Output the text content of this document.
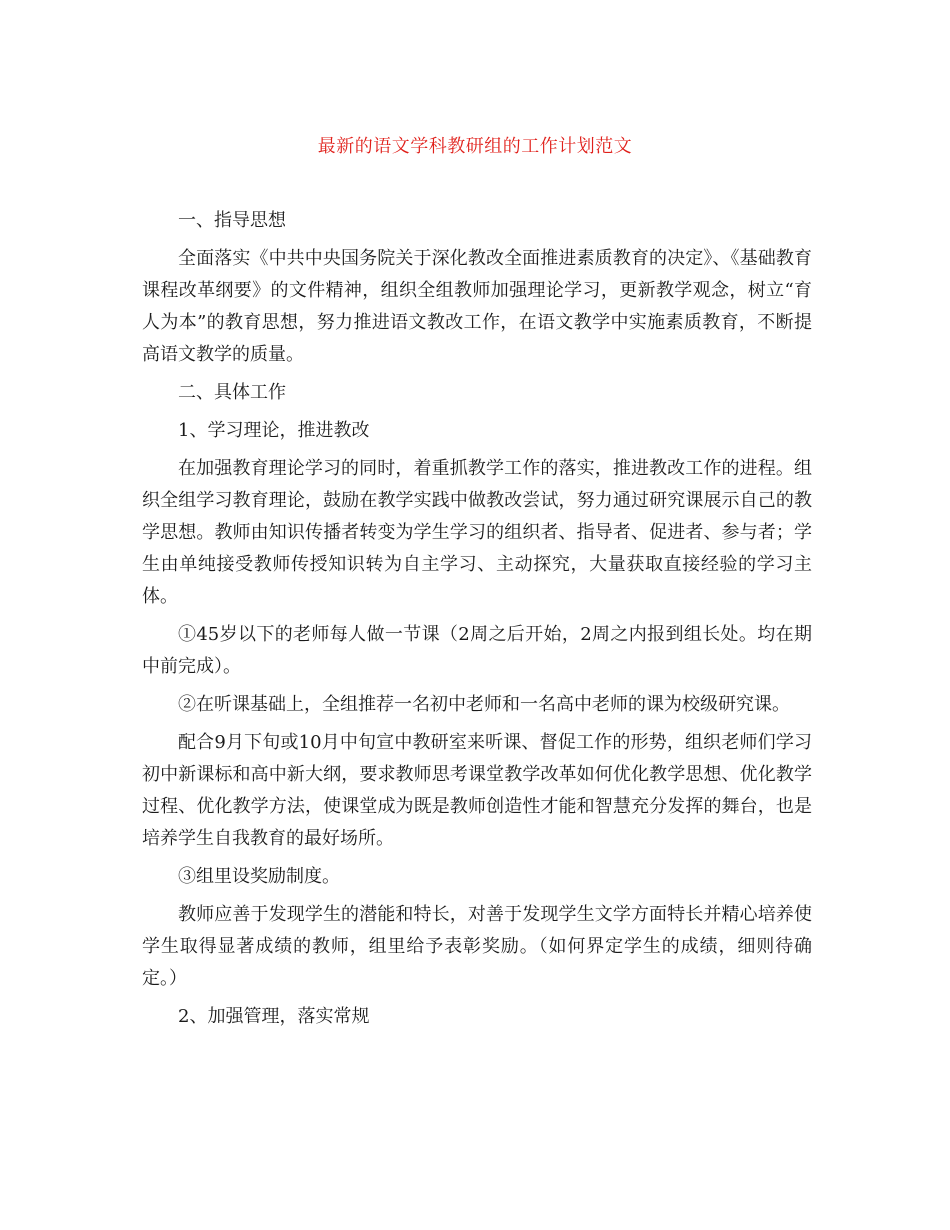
最新的语文学科教研组的工作计划范文

一、指导思想

全面落实《中共中央国务院关于深化教改全面推进素质教育的决定》、《基础教育课程改革纲要》的文件精神，组织全组教师加强理论学习，更新教学观念，树立“育人为本”的教育思想，努力推进语文教改工作，在语文教学中实施素质教育，不断提高语文教学的质量。

二、具体工作

1、学习理论，推进教改

在加强教育理论学习的同时，着重抓教学工作的落实，推进教改工作的进程。组织全组学习教育理论，鼓励在教学实践中做教改尝试，努力通过研究课展示自己的教学思想。教师由知识传播者转变为学生学习的组织者、指导者、促进者、参与者；学生由单纯接受教师传授知识转为自主学习、主动探究，大量获取直接经验的学习主体。

①45岁以下的老师每人做一节课（2周之后开始，2周之内报到组长处。均在期中前完成）。

②在听课基础上，全组推荐一名初中老师和一名高中老师的课为校级研究课。

配合9月下旬或10月中旬宣中教研室来听课、督促工作的形势，组织老师们学习初中新课标和高中新大纲，要求教师思考课堂教学改革如何优化教学思想、优化教学过程、优化教学方法，使课堂成为既是教师创造性才能和智慧充分发挥的舞台，也是培养学生自我教育的最好场所。

③组里设奖励制度。

教师应善于发现学生的潜能和特长，对善于发现学生文学方面特长并精心培养使学生取得显著成绩的教师，组里给予表彰奖励。（如何界定学生的成绩，细则待确定。）

2、加强管理，落实常规
